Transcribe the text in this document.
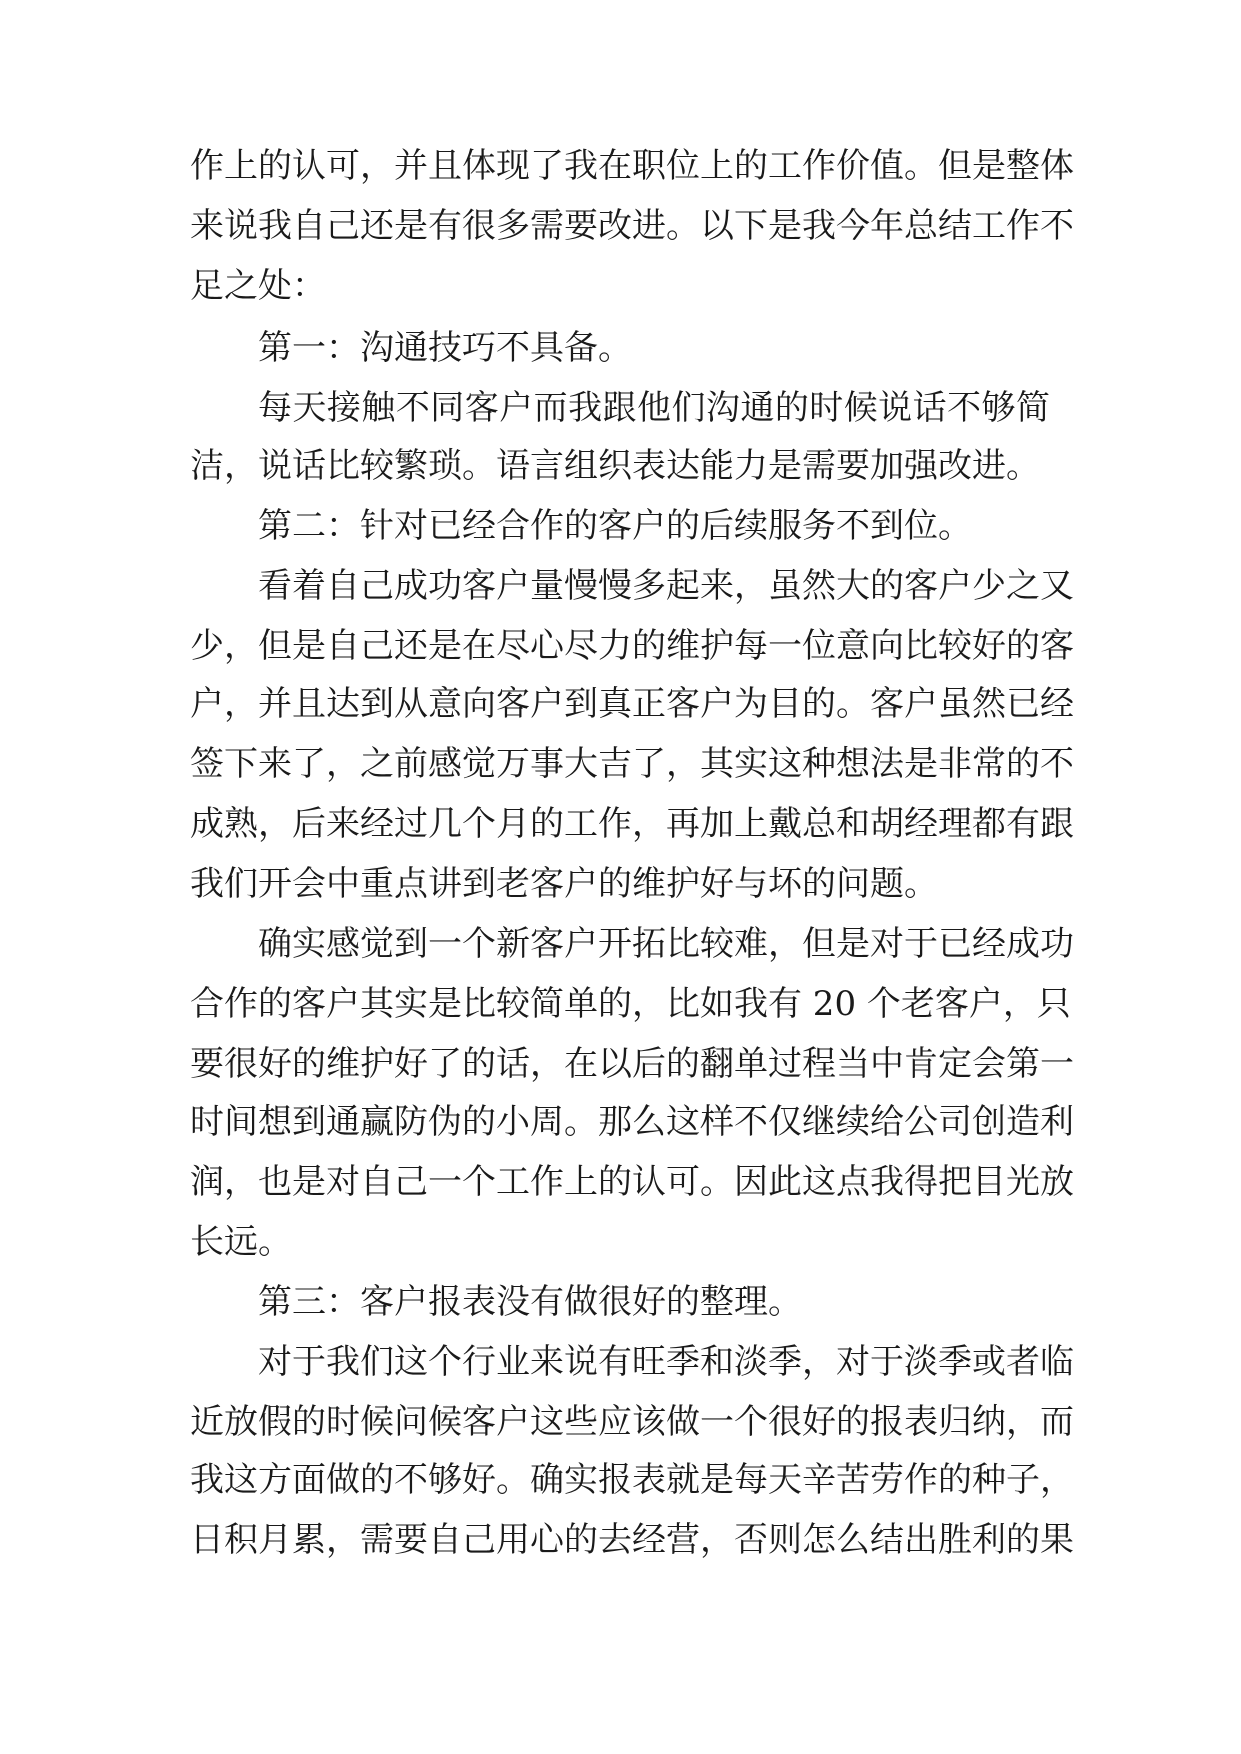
作上的认可，并且体现了我在职位上的工作价值。但是整体
来说我自己还是有很多需要改进。以下是我今年总结工作不
足之处：
第一：沟通技巧不具备。
每天接触不同客户而我跟他们沟通的时候说话不够简
洁，说话比较繁琐。语言组织表达能力是需要加强改进。
第二：针对已经合作的客户的后续服务不到位。
看着自己成功客户量慢慢多起来，虽然大的客户少之又
少，但是自己还是在尽心尽力的维护每一位意向比较好的客
户，并且达到从意向客户到真正客户为目的。客户虽然已经
签下来了，之前感觉万事大吉了，其实这种想法是非常的不
成熟，后来经过几个月的工作，再加上戴总和胡经理都有跟
我们开会中重点讲到老客户的维护好与坏的问题。
确实感觉到一个新客户开拓比较难，但是对于已经成功
合作的客户其实是比较简单的，比如我有 20 个老客户，只
要很好的维护好了的话，在以后的翻单过程当中肯定会第一
时间想到通赢防伪的小周。那么这样不仅继续给公司创造利
润，也是对自己一个工作上的认可。因此这点我得把目光放
长远。
第三：客户报表没有做很好的整理。
对于我们这个行业来说有旺季和淡季，对于淡季或者临
近放假的时候问候客户这些应该做一个很好的报表归纳，而
我这方面做的不够好。确实报表就是每天辛苦劳作的种子，
日积月累，需要自己用心的去经营，否则怎么结出胜利的果
